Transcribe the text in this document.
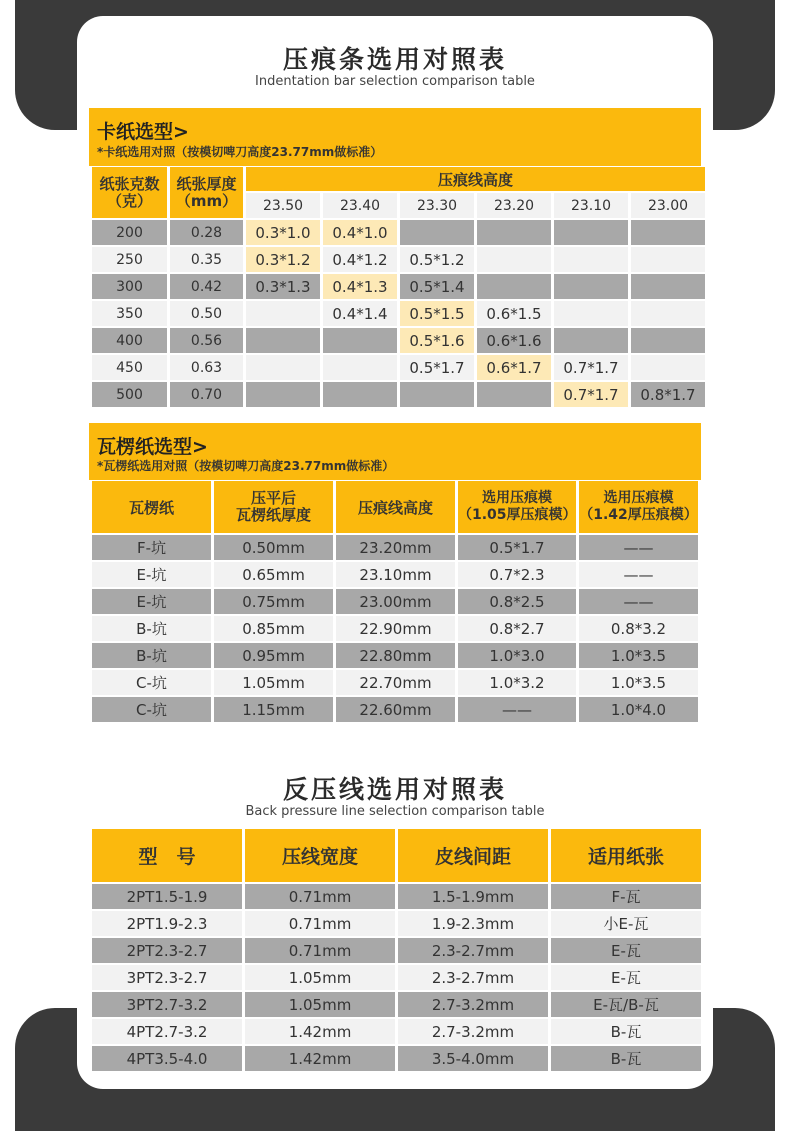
压痕条选用对照表
Indentation bar selection comparison table
卡纸选型>
*卡纸选用对照（按模切啤刀高度23.77mm做标准）
纸张克数
（克）	纸张厚度
（mm）	压痕线高度					
		23.50	23.40	23.30	23.20	23.10	23.00
200	0.28	0.3*1.0	0.4*1.0				
250	0.35	0.3*1.2	0.4*1.2	0.5*1.2			
300	0.42	0.3*1.3	0.4*1.3	0.5*1.4			
350	0.50		0.4*1.4	0.5*1.5	0.6*1.5		
400	0.56			0.5*1.6	0.6*1.6		
450	0.63			0.5*1.7	0.6*1.7	0.7*1.7	
500	0.70					0.7*1.7	0.8*1.7
瓦楞纸选型>
*瓦楞纸选用对照（按模切啤刀高度23.77mm做标准）
瓦楞纸	压平后
瓦楞纸厚度	压痕线高度	选用压痕模
（1.05厚压痕模）	选用压痕模
（1.42厚压痕模）
F-坑	0.50mm	23.20mm	0.5*1.7	——
E-坑	0.65mm	23.10mm	0.7*2.3	——
E-坑	0.75mm	23.00mm	0.8*2.5	——
B-坑	0.85mm	22.90mm	0.8*2.7	0.8*3.2
B-坑	0.95mm	22.80mm	1.0*3.0	1.0*3.5
C-坑	1.05mm	22.70mm	1.0*3.2	1.0*3.5
C-坑	1.15mm	22.60mm	——	1.0*4.0
反压线选用对照表
Back pressure line selection comparison table
型　号	压线宽度	皮线间距	适用纸张
2PT1.5-1.9	0.71mm	1.5-1.9mm	F-瓦
2PT1.9-2.3	0.71mm	1.9-2.3mm	小E-瓦
2PT2.3-2.7	0.71mm	2.3-2.7mm	E-瓦
3PT2.3-2.7	1.05mm	2.3-2.7mm	E-瓦
3PT2.7-3.2	1.05mm	2.7-3.2mm	E-瓦/B-瓦
4PT2.7-3.2	1.42mm	2.7-3.2mm	B-瓦
4PT3.5-4.0	1.42mm	3.5-4.0mm	B-瓦
